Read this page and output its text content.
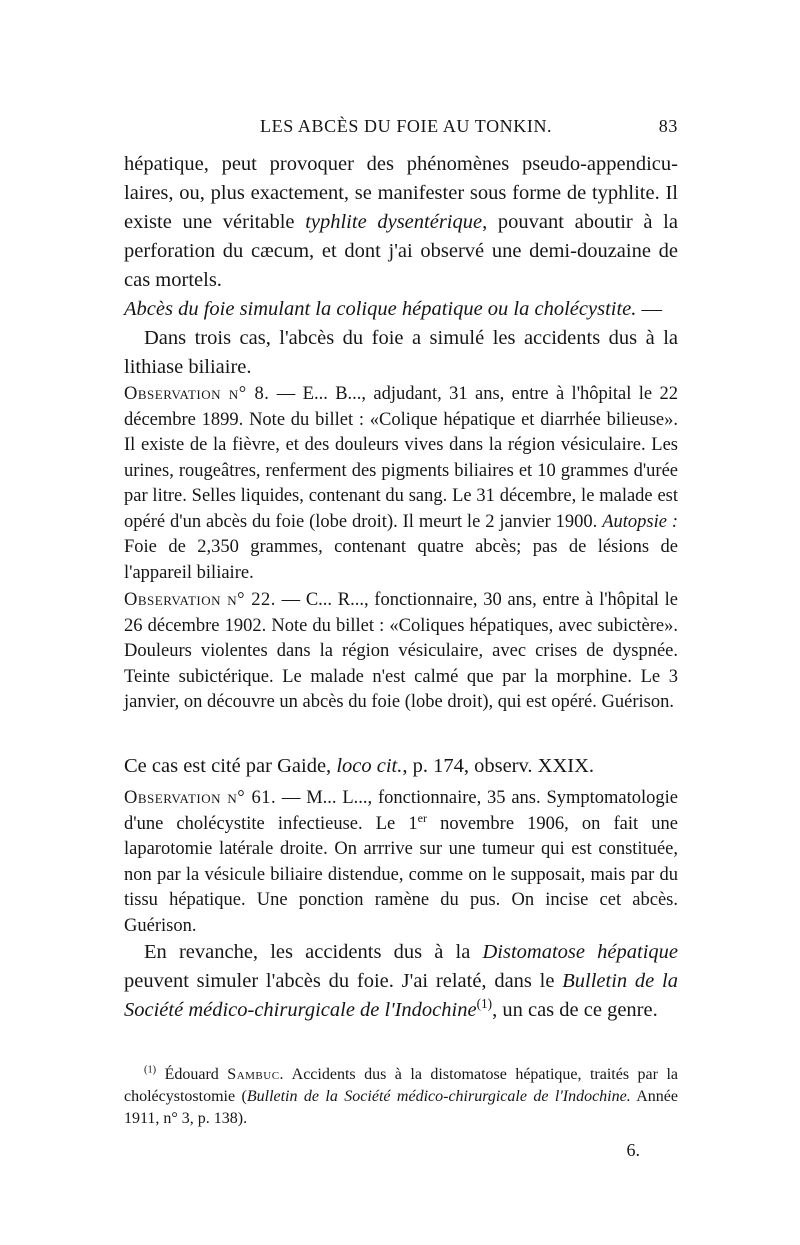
LES ABCÈS DU FOIE AU TONKIN.	83
hépatique, peut provoquer des phénomènes pseudo-appendiculaires, ou, plus exactement, se manifester sous forme de typhlite. Il existe une véritable typhlite dysentérique, pouvant aboutir à la perforation du cæcum, et dont j'ai observé une demi-douzaine de cas mortels.
Abcès du foie simulant la colique hépatique ou la cholécystite. —
Dans trois cas, l'abcès du foie a simulé les accidents dus à la lithiase biliaire.
Observation n° 8. — E... B..., adjudant, 31 ans, entre à l'hôpital le 22 décembre 1899. Note du billet : «Colique hépatique et diarrhée bilieuse». Il existe de la fièvre, et des douleurs vives dans la région vésiculaire. Les urines, rougeâtres, renferment des pigments biliaires et 10 grammes d'urée par litre. Selles liquides, contenant du sang. Le 31 décembre, le malade est opéré d'un abcès du foie (lobe droit). Il meurt le 2 janvier 1900. Autopsie : Foie de 2,350 grammes, contenant quatre abcès; pas de lésions de l'appareil biliaire.
Observation n° 22. — C... R..., fonctionnaire, 30 ans, entre à l'hôpital le 26 décembre 1902. Note du billet : «Coliques hépatiques, avec subictère». Douleurs violentes dans la région vésiculaire, avec crises de dyspnée. Teinte subictérique. Le malade n'est calmé que par la morphine. Le 3 janvier, on découvre un abcès du foie (lobe droit), qui est opéré. Guérison.
Ce cas est cité par Gaide, loco cit., p. 174, observ. XXIX.
Observation n° 61. — M... L..., fonctionnaire, 35 ans. Symptomatologie d'une cholécystite infectieuse. Le 1er novembre 1906, on fait une laparotomie latérale droite. On arrrive sur une tumeur qui est constituée, non par la vésicule biliaire distendue, comme on le supposait, mais par du tissu hépatique. Une ponction ramène du pus. On incise cet abcès. Guérison.
En revanche, les accidents dus à la Distomatose hépatique peuvent simuler l'abcès du foie. J'ai relaté, dans le Bulletin de la Société médico-chirurgicale de l'Indochine$^{(1)}$, un cas de ce genre.
$^{(1)}$ Édouard Sambuc. Accidents dus à la distomatose hépatique, traités par la cholécystostomie (Bulletin de la Société médico-chirurgicale de l'Indochine. Année 1911, n° 3, p. 138).
6.
